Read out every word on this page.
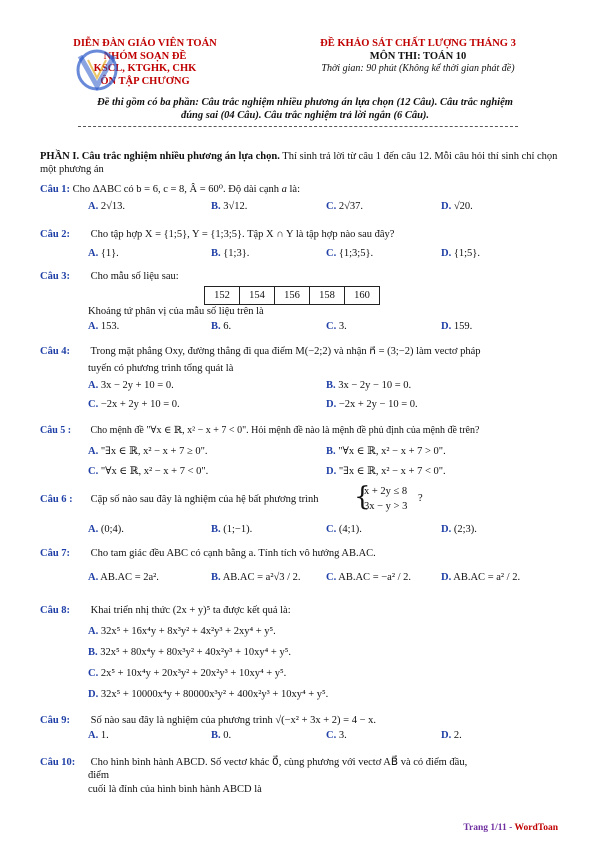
DIỄN ĐÀN GIÁO VIÊN TOÁN
NHÓM SOẠN ĐỀ
KSCL, KTGHK, CHK
ÔN TẬP CHƯƠNG
ĐỀ KHẢO SÁT CHẤT LƯỢNG THÁNG 3
MÔN THI: TOÁN 10
Thời gian: 90 phút (Không kể thời gian phát đề)
Đề thi gồm có ba phần: Câu trắc nghiệm nhiều phương án lựa chọn (12 Câu). Câu trắc nghiệm
đúng sai (04 Câu). Câu trắc nghiệm trả lời ngắn (6 Câu).
PHẦN I. Câu trắc nghiệm nhiều phương án lựa chọn. Thí sinh trả lời từ câu 1 đến câu 12. Mỗi câu hỏi thí sinh chỉ chọn một phương án
Câu 1: Cho ΔABC có b = 6, c = 8, Â = 60⁰. Độ dài cạnh a là:
A. 2√13.	B. 3√12.	C. 2√37.	D. √20.
Câu 2: Cho tập hợp X = {1;5}, Y = {1;3;5}. Tập X ∩ Y là tập hợp nào sau đây?
A. {1}.	B. {1;3}.	C. {1;3;5}.	D. {1;5}.
Câu 3: Cho mẫu số liệu sau:
152	154	156	158	160
Khoảng tứ phân vị của mẫu số liệu trên là
A. 153.	B. 6.	C. 3.	D. 159.
Câu 4: Trong mặt phẳng Oxy, đường thẳng đi qua điểm M(−2;2) và nhận n⃗ = (3;−2) làm vectơ pháp
tuyến có phương trình tổng quát là
A. 3x − 2y + 10 = 0.	B. 3x − 2y − 10 = 0.
C. −2x + 2y + 10 = 0.	D. −2x + 2y − 10 = 0.
Câu 5 : Cho mệnh đề "∀x ∈ ℝ, x² − x + 7 < 0". Hỏi mệnh đề nào là mệnh đề phủ định của mệnh đề trên?
A. "∃x ∈ ℝ, x² − x + 7 ≥ 0".	B. "∀x ∈ ℝ, x² − x + 7 > 0".
C. "∀x ∈ ℝ, x² − x + 7 < 0".	D. "∃x ∈ ℝ, x² − x + 7 < 0".
Câu 6 : Cặp số nào sau đây là nghiệm của hệ bất phương trình	{
x + 2y ≤ 8
3x − y > 3
?
A. (0;4).	B. (1;−1).	C. (4;1).	D. (2;3).
Câu 7: Cho tam giác đều ABC có cạnh bằng a. Tính tích vô hướng AB.AC.
A. AB.AC = 2a².	B. AB.AC = a²√3 / 2. C. AB.AC = −a² / 2.	D. AB.AC = a² / 2.
Câu 8: Khai triển nhị thức (2x + y)⁵ ta được kết quả là:
A. 32x⁵ + 16x⁴y + 8x³y² + 4x²y³ + 2xy⁴ + y⁵.
B. 32x⁵ + 80x⁴y + 80x³y² + 40x²y³ + 10xy⁴ + y⁵.
C. 2x⁵ + 10x⁴y + 20x³y² + 20x²y³ + 10xy⁴ + y⁵.
D. 32x⁵ + 10000x⁴y + 80000x³y² + 400x²y³ + 10xy⁴ + y⁵.
Câu 9: Số nào sau đây là nghiệm của phương trình √(−x² + 3x + 2) = 4 − x.
A. 1.	B. 0.	C. 3.	D. 2.
Câu 10: Cho hình bình hành ABCD. Số vectơ khác 0⃗, cùng phương với vectơ AB⃗ và có điểm đầu,
điểm
cuối là đỉnh của hình bình hành ABCD là
Trang 1/11 - WordToan
